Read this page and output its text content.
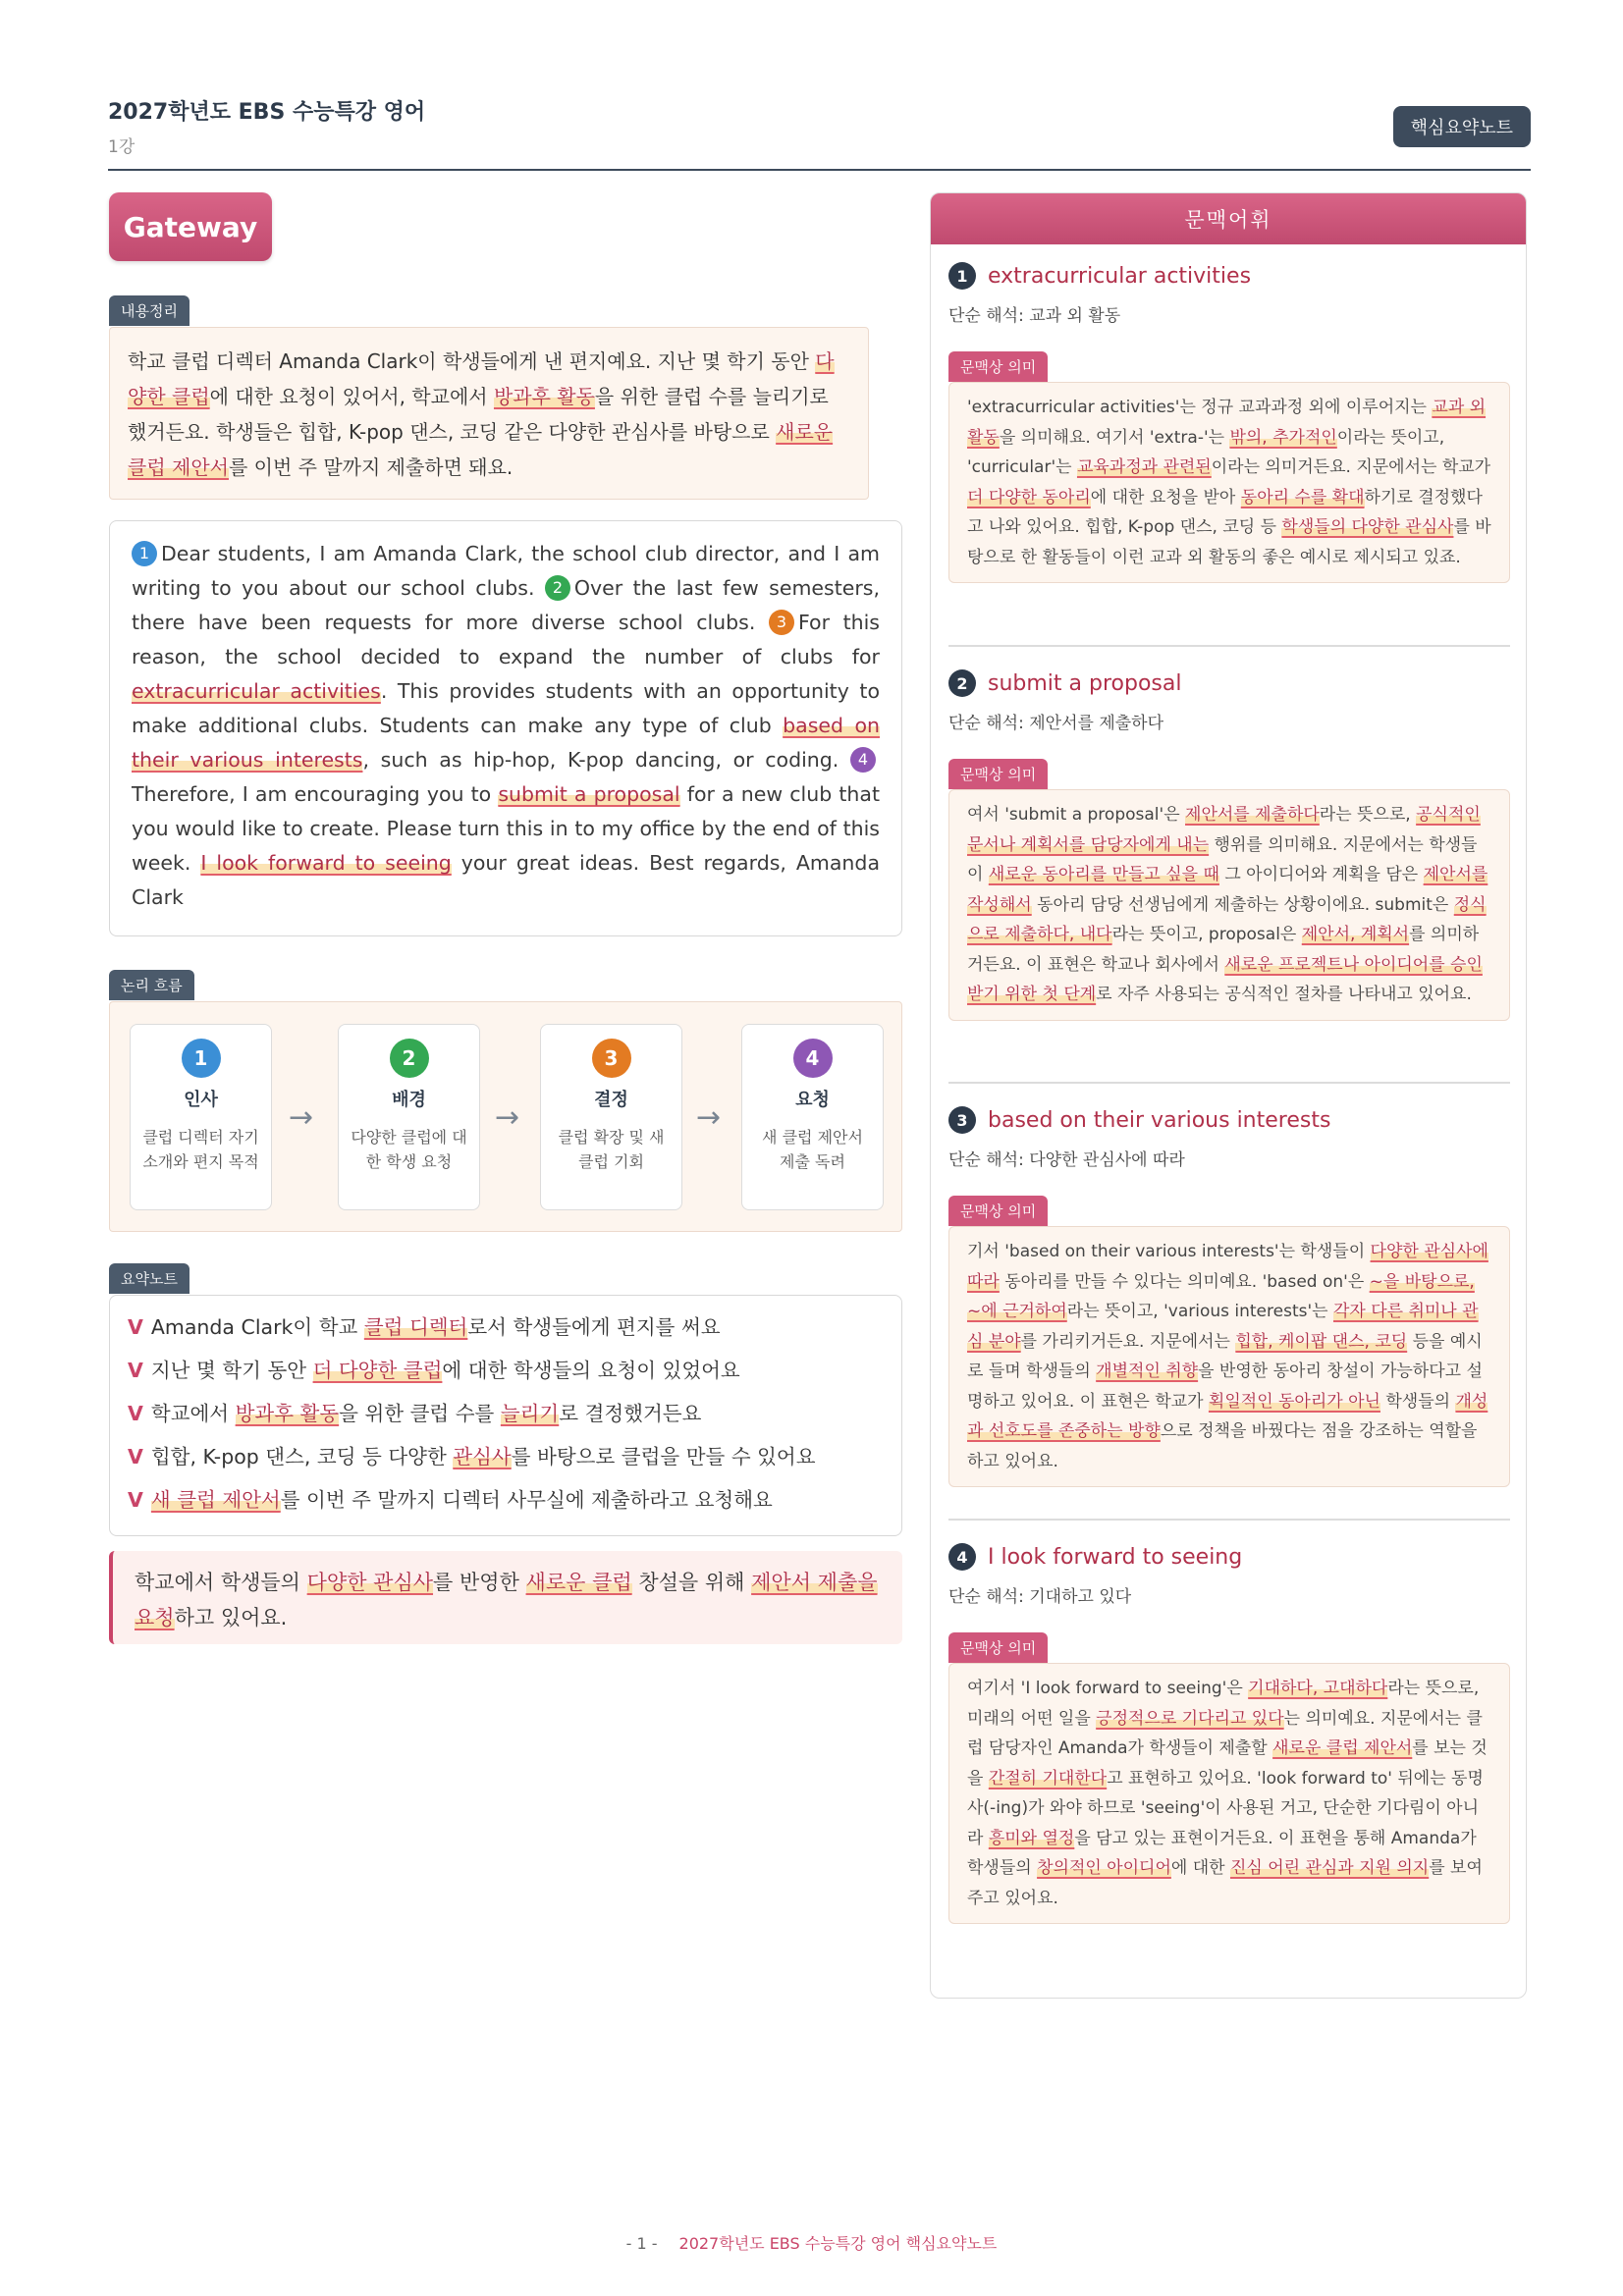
2027학년도 EBS 수능특강 영어
1강
핵심요약노트
Gateway
내용정리
학교 클럽 디렉터 Amanda Clark이 학생들에게 낸 편지예요. 지난 몇 학기 동안 다양한 클럽에 대한 요청이 있어서, 학교에서 방과후 활동을 위한 클럽 수를 늘리기로 했거든요. 학생들은 힙합, K-pop 댄스, 코딩 같은 다양한 관심사를 바탕으로 새로운 클럽 제안서를 이번 주 말까지 제출하면 돼요.
1 Dear students, I am Amanda Clark, the school club director, and I am writing to you about our school clubs. 2 Over the last few semesters, there have been requests for more diverse school clubs. 3 For this reason, the school decided to expand the number of clubs for extracurricular activities. This provides students with an opportunity to make additional clubs. Students can make any type of club based on their various interests, such as hip-hop, K-pop dancing, or coding. 4Therefore, I am encouraging you to submit a proposal for a new club that you would like to create. Please turn this in to my office by the end of this week. I look forward to seeing your great ideas. Best regards, Amanda Clark
논리 흐름
1
인사
클럽 디렉터 자기소개와 편지 목적
→
2
배경
다양한 클럽에 대한 학생 요청
→
3
결정
클럽 확장 및 새 클럽 기회
→
4
요청
새 클럽 제안서 제출 독려
요약노트
V Amanda Clark이 학교 클럽 디렉터로서 학생들에게 편지를 써요
V 지난 몇 학기 동안 더 다양한 클럽에 대한 학생들의 요청이 있었어요
V 학교에서 방과후 활동을 위한 클럽 수를 늘리기로 결정했거든요
V 힙합, K-pop 댄스, 코딩 등 다양한 관심사를 바탕으로 클럽을 만들 수 있어요
V 새 클럽 제안서를 이번 주 말까지 디렉터 사무실에 제출하라고 요청해요
학교에서 학생들의 다양한 관심사를 반영한 새로운 클럽 창설을 위해 제안서 제출을 요청하고 있어요.
문맥어휘
1 extracurricular activities
단순 해석: 교과 외 활동
문맥상 의미
'extracurricular activities'는 정규 교과과정 외에 이루어지는 교과 외 활동을 의미해요. 여기서 'extra-'는 밖의, 추가적인이라는 뜻이고, 'curricular'는 교육과정과 관련된이라는 의미거든요. 지문에서는 학교가 더 다양한 동아리에 대한 요청을 받아 동아리 수를 확대하기로 결정했다고 나와 있어요. 힙합, K-pop 댄스, 코딩 등 학생들의 다양한 관심사를 바탕으로 한 활동들이 이런 교과 외 활동의 좋은 예시로 제시되고 있죠.
2 submit a proposal
단순 해석: 제안서를 제출하다
문맥상 의미
여서 'submit a proposal'은 제안서를 제출하다라는 뜻으로, 공식적인 문서나 계획서를 담당자에게 내는 행위를 의미해요. 지문에서는 학생들이 새로운 동아리를 만들고 싶을 때 그 아이디어와 계획을 담은 제안서를 작성해서 동아리 담당 선생님에게 제출하는 상황이에요. submit은 정식으로 제출하다, 내다라는 뜻이고, proposal은 제안서, 계획서를 의미하거든요. 이 표현은 학교나 회사에서 새로운 프로젝트나 아이디어를 승인받기 위한 첫 단계로 자주 사용되는 공식적인 절차를 나타내고 있어요.
3 based on their various interests
단순 해석: 다양한 관심사에 따라
문맥상 의미
기서 'based on their various interests'는 학생들이 다양한 관심사에 따라 동아리를 만들 수 있다는 의미예요. 'based on'은 ~을 바탕으로, ~에 근거하여라는 뜻이고, 'various interests'는 각자 다른 취미나 관심 분야를 가리키거든요. 지문에서는 힙합, 케이팝 댄스, 코딩 등을 예시로 들며 학생들의 개별적인 취향을 반영한 동아리 창설이 가능하다고 설명하고 있어요. 이 표현은 학교가 획일적인 동아리가 아닌 학생들의 개성과 선호도를 존중하는 방향으로 정책을 바꿨다는 점을 강조하는 역할을 하고 있어요.
4 I look forward to seeing
단순 해석: 기대하고 있다
문맥상 의미
여기서 'I look forward to seeing'은 기대하다, 고대하다라는 뜻으로, 미래의 어떤 일을 긍정적으로 기다리고 있다는 의미예요. 지문에서는 클럽 담당자인 Amanda가 학생들이 제출할 새로운 클럽 제안서를 보는 것을 간절히 기대한다고 표현하고 있어요. 'look forward to' 뒤에는 동명사(-ing)가 와야 하므로 'seeing'이 사용된 거고, 단순한 기다림이 아니라 흥미와 열정을 담고 있는 표현이거든요. 이 표현을 통해 Amanda가 학생들의 창의적인 아이디어에 대한 진심 어린 관심과 지원 의지를 보여주고 있어요.
- 1 - 2027학년도 EBS 수능특강 영어 핵심요약노트
